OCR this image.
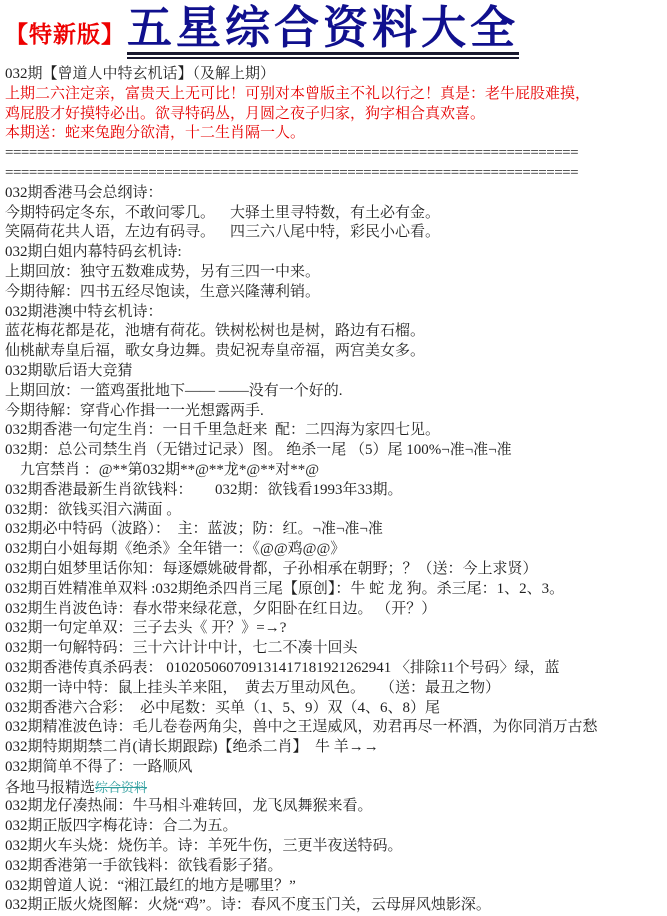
【特新版】 五星综合资料大全
032期【曾道人中特玄机话】（及解上期）
上期二六注定亲，富贵天上无可比！可别对本曾版主不礼以行之！真是：老牛屁股难摸，
鸡屁股才好摸特必出。欲寻特码丛，月圆之夜子归家，狗字相合真欢喜。
本期送：蛇来兔跑分欲清，十二生肖隔一人。
========================================================================
========================================================================
032期香港马会总纲诗：
今期特码定冬东，不敢问零几。    大驿土里寻特数，有土必有金。
笑隔荷花共人语，左边有码寻。    四三六八尾中特，彩民小心看。
032期白姐内幕特码玄机诗:
上期回放：独守五数难成势，另有三四一中来。
今期待解：四书五经尽饱读，生意兴隆薄利销。
032期港澳中特玄机诗：
蓝花梅花都是花，池塘有荷花。铁树松树也是树，路边有石榴。
仙桃献寿皇后福，歌女身边舞。贵妃祝寿皇帝福，两宫美女多。
032期歇后语大竞猜
上期回放：一篮鸡蛋批地下—— ——没有一个好的.
今期待解：穿背心作揖一一光想露两手.
032期香港一句定生肖：一日千里急赶来  配：二四海为家四七见。
032期：总公司禁生肖（无错过记录）图。 绝杀一尾 （5）尾 100%¬准¬准¬准
九宫禁肖 ：@**第032期**@**龙*@**对**@
032期香港最新生肖欲钱料：      032期：欲钱看1993年33期。
032期：欲钱买泪六满面 。
032期必中特码（波路）：  主：蓝波；防：红。¬准¬准¬准
032期白小姐每期《绝杀》全年错一：《@@鸡@@》
032期白姐梦里话你知：每逐嫖姚破骨都，子孙相承在朝野；？（送：今上求贤）
032期百姓精准单双料 :032期绝杀四肖三尾【原创】：牛 蛇 龙 狗。杀三尾：1、2、3。
032期生肖波色诗：春水带来绿花意，夕阳卧在红日边。 （开？）
032期一句定单双：三子去头《 开？》=→?
032期一句解特码：三十六计计中计，七二不凑十回头
032期香港传真杀码表： 010205060709131417181921262941 〈排除11个号码〉绿，蓝
032期一诗中特：鼠上挂头羊来阻，  黄去万里动风色。    （送：最丑之物）
032期香港六合彩：  必中尾数：买单（1、5、9）双（4、6、8）尾
032期精准波色诗：毛儿卷卷两角尖，兽中之王逞威风，劝君再尽一杯酒，为你同消万古愁
032期特期期禁二肖(请长期跟踪)【绝杀二肖】  牛 羊→→
032期简单不得了：一路顺风
各地马报精选综合资料
032期龙仔凑热闹：牛马相斗难转回，龙飞凤舞猴来看。
032期正版四字梅花诗：合二为五。
032期火车头烧：烧伤羊。诗：羊死牛伤，三更半夜送特码。
032期香港第一手欲钱料：欲钱看影子猪。
032期曾道人说：“湘江最红的地方是哪里？”
032期正版火烧图解：火烧“鸡”。诗：春风不度玉门关，云母屏风烛影深。
